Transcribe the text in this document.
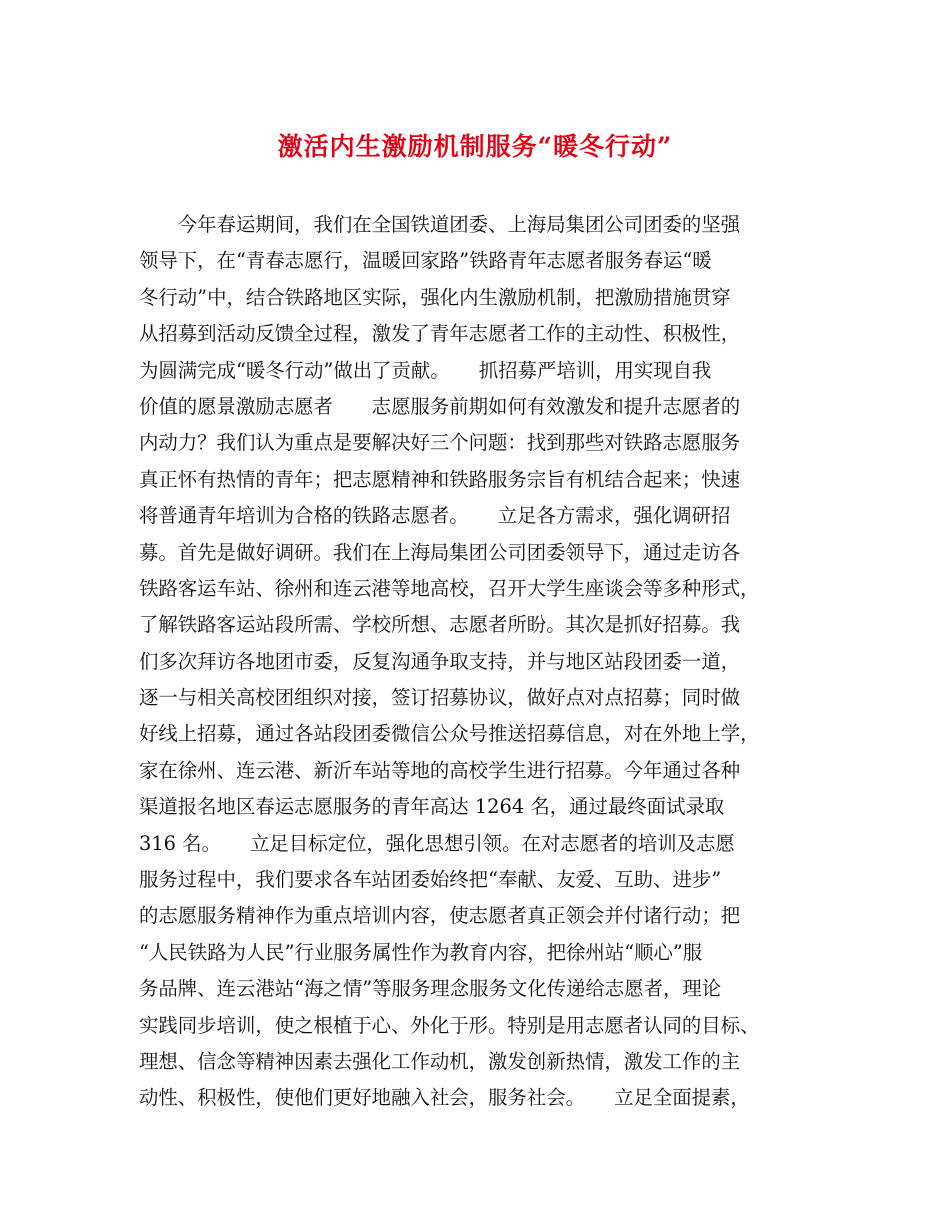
激活内生激励机制服务“暖冬行动”
　　今年春运期间，我们在全国铁道团委、上海局集团公司团委的坚强
领导下，在“青春志愿行，温暖回家路”铁路青年志愿者服务春运“暖
冬行动”中，结合铁路地区实际，强化内生激励机制，把激励措施贯穿
从招募到活动反馈全过程，激发了青年志愿者工作的主动性、积极性，
为圆满完成“暖冬行动”做出了贡献。　　抓招募严培训，用实现自我
价值的愿景激励志愿者　　志愿服务前期如何有效激发和提升志愿者的
内动力？我们认为重点是要解决好三个问题：找到那些对铁路志愿服务
真正怀有热情的青年；把志愿精神和铁路服务宗旨有机结合起来；快速
将普通青年培训为合格的铁路志愿者。　　立足各方需求，强化调研招
募。首先是做好调研。我们在上海局集团公司团委领导下，通过走访各
铁路客运车站、徐州和连云港等地高校，召开大学生座谈会等多种形式，
了解铁路客运站段所需、学校所想、志愿者所盼。其次是抓好招募。我
们多次拜访各地团市委，反复沟通争取支持，并与地区站段团委一道，
逐一与相关高校团组织对接，签订招募协议，做好点对点招募；同时做
好线上招募，通过各站段团委微信公众号推送招募信息，对在外地上学，
家在徐州、连云港、新沂车站等地的高校学生进行招募。今年通过各种
渠道报名地区春运志愿服务的青年高达 1264 名，通过最终面试录取
316 名。　　立足目标定位，强化思想引领。在对志愿者的培训及志愿
服务过程中，我们要求各车站团委始终把“奉献、友爱、互助、进步”
的志愿服务精神作为重点培训内容，使志愿者真正领会并付诸行动；把
“人民铁路为人民”行业服务属性作为教育内容，把徐州站“顺心”服
务品牌、连云港站“海之情”等服务理念服务文化传递给志愿者，理论
实践同步培训，使之根植于心、外化于形。特别是用志愿者认同的目标、
理想、信念等精神因素去强化工作动机，激发创新热情，激发工作的主
动性、积极性，使他们更好地融入社会，服务社会。　　立足全面提素，
